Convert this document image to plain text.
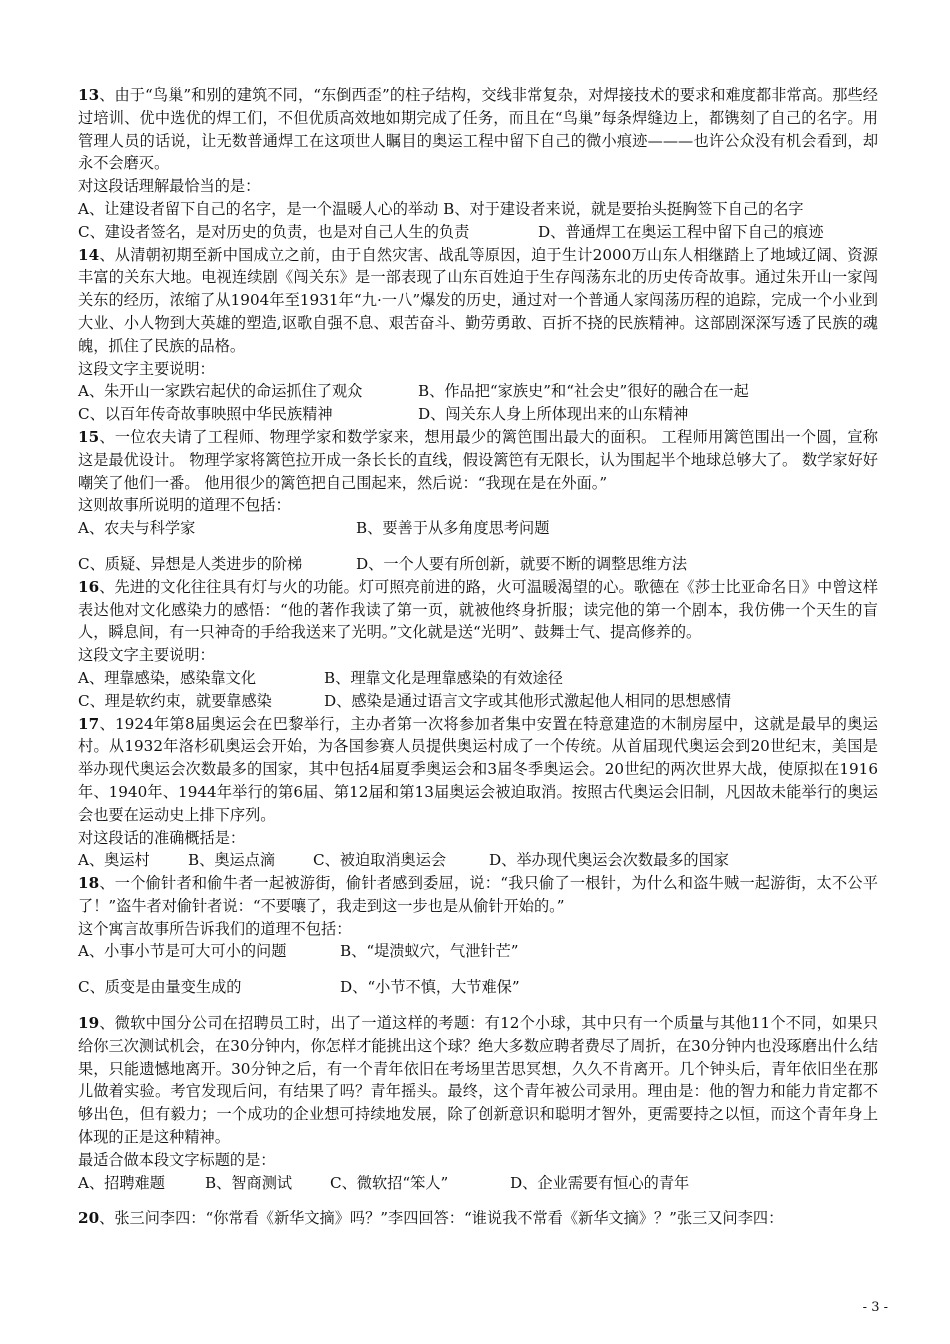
13、由于“鸟巢”和别的建筑不同，“东倒西歪”的柱子结构，交线非常复杂，对焊接技术的要求和难度都非常高。那些经过培训、优中选优的焊工们，不但优质高效地如期完成了任务，而且在“鸟巢”每条焊缝边上，都镌刻了自己的名字。用管理人员的话说，让无数普通焊工在这项世人瞩目的奥运工程中留下自己的微小痕迹———也许公众没有机会看到，却永不会磨灭。
对这段话理解最恰当的是：
A、让建设者留下自己的名字，是一个温暖人心的举动 B、对于建设者来说，就是要抬头挺胸签下自己的名字
C、建设者签名，是对历史的负责，也是对自己人生的负责	D、普通焊工在奥运工程中留下自己的痕迹
14、从清朝初期至新中国成立之前，由于自然灾害、战乱等原因，迫于生计2000万山东人相继踏上了地域辽阔、资源丰富的关东大地。电视连续剧《闯关东》是一部表现了山东百姓迫于生存闯荡东北的历史传奇故事。通过朱开山一家闯关东的经历，浓缩了从1904年至1931年“九·一八”爆发的历史，通过对一个普通人家闯荡历程的追踪，完成一个小业到大业、小人物到大英雄的塑造,讴歌自强不息、艰苦奋斗、勤劳勇敢、百折不挠的民族精神。这部剧深深写透了民族的魂魄，抓住了民族的品格。
这段文字主要说明：
A、朱开山一家跌宕起伏的命运抓住了观众	B、作品把“家族史”和“社会史”很好的融合在一起
C、以百年传奇故事映照中华民族精神	D、闯关东人身上所体现出来的山东精神
15、一位农夫请了工程师、物理学家和数学家来，想用最少的篱笆围出最大的面积。 工程师用篱笆围出一个圆，宣称这是最优设计。 物理学家将篱笆拉开成一条长长的直线，假设篱笆有无限长，认为围起半个地球总够大了。 数学家好好嘲笑了他们一番。 他用很少的篱笆把自己围起来，然后说：“我现在是在外面。”
这则故事所说明的道理不包括：
A、农夫与科学家	B、要善于从多角度思考问题
C、质疑、异想是人类进步的阶梯	D、一个人要有所创新，就要不断的调整思维方法
16、先进的文化往往具有灯与火的功能。灯可照亮前进的路，火可温暖渴望的心。歌德在《莎士比亚命名日》中曾这样表达他对文化感染力的感悟：“他的著作我读了第一页，就被他终身折服；读完他的第一个剧本，我仿佛一个天生的盲人，瞬息间，有一只神奇的手给我送来了光明。”文化就是送“光明”、鼓舞士气、提高修养的。
这段文字主要说明：
A、理靠感染，感染靠文化	B、理靠文化是理靠感染的有效途径
C、理是软约束，就要靠感染	D、感染是通过语言文字或其他形式激起他人相同的思想感情
17、1924年第8届奥运会在巴黎举行，主办者第一次将参加者集中安置在特意建造的木制房屋中，这就是最早的奥运村。从1932年洛杉矶奥运会开始，为各国参赛人员提供奥运村成了一个传统。从首届现代奥运会到20世纪末，美国是举办现代奥运会次数最多的国家，其中包括4届夏季奥运会和3届冬季奥运会。20世纪的两次世界大战，使原拟在1916年、1940年、1944年举行的第6届、第12届和第13届奥运会被迫取消。按照古代奥运会旧制，凡因故未能举行的奥运会也要在运动史上排下序列。
对这段话的准确概括是：
A、奥运村	B、奥运点滴	C、被迫取消奥运会	D、举办现代奥运会次数最多的国家
18、一个偷针者和偷牛者一起被游街，偷针者感到委屈，说：“我只偷了一根针，为什么和盗牛贼一起游街，太不公平了！”盗牛者对偷针者说：“不要嚷了，我走到这一步也是从偷针开始的。”
这个寓言故事所告诉我们的道理不包括：
A、小事小节是可大可小的问题	B、“堤溃蚁穴，气泄针芒”
C、质变是由量变生成的	D、“小节不慎，大节难保”
19、微软中国分公司在招聘员工时，出了一道这样的考题：有12个小球，其中只有一个质量与其他11个不同，如果只给你三次测试机会，在30分钟内，你怎样才能挑出这个球？绝大多数应聘者费尽了周折，在30分钟内也没琢磨出什么结果，只能遗憾地离开。30分钟之后，有一个青年依旧在考场里苦思冥想，久久不肯离开。几个钟头后，青年依旧坐在那儿做着实验。考官发现后问，有结果了吗？青年摇头。最终，这个青年被公司录用。理由是：他的智力和能力肯定都不够出色，但有毅力；一个成功的企业想可持续地发展，除了创新意识和聪明才智外，更需要持之以恒，而这个青年身上体现的正是这种精神。
最适合做本段文字标题的是：
A、招聘难题	B、智商测试	C、微软招“笨人”	D、企业需要有恒心的青年
20、张三问李四：“你常看《新华文摘》吗？”李四回答：“谁说我不常看《新华文摘》？”张三又问李四：
- 3 -
